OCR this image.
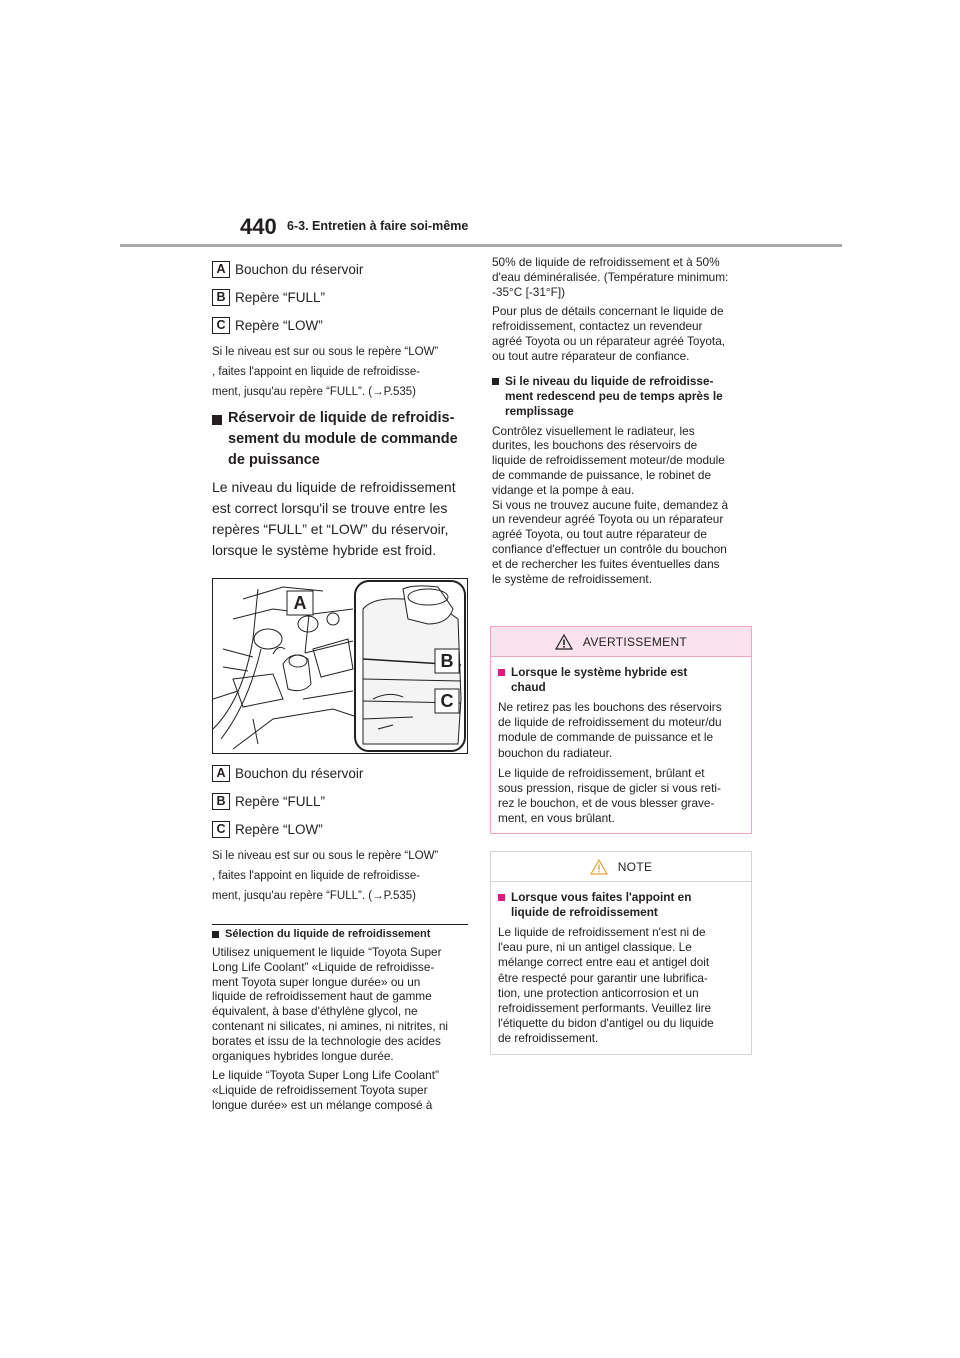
440 6-3. Entretien à faire soi-même
A Bouchon du réservoir
B Repère “FULL”
C Repère “LOW”
Si le niveau est sur ou sous le repère “LOW”
, faites l'appoint en liquide de refroidisse-
ment, jusqu'au repère “FULL”. (→P.535)
Réservoir de liquide de refroidis-
sement du module de commande
de puissance
Le niveau du liquide de refroidissement
est correct lorsqu'il se trouve entre les
repères “FULL” et “LOW” du réservoir,
lorsque le système hybride est froid.
A
B
C
A Bouchon du réservoir
B Repère “FULL”
C Repère “LOW”
Si le niveau est sur ou sous le repère “LOW”
, faites l'appoint en liquide de refroidisse-
ment, jusqu'au repère “FULL”. (→P.535)
Sélection du liquide de refroidissement
Utilisez uniquement le liquide “Toyota Super
Long Life Coolant” «Liquide de refroidisse-
ment Toyota super longue durée» ou un
liquide de refroidissement haut de gamme
équivalent, à base d'éthylène glycol, ne
contenant ni silicates, ni amines, ni nitrites, ni
borates et issu de la technologie des acides
organiques hybrides longue durée.
Le liquide “Toyota Super Long Life Coolant”
«Liquide de refroidissement Toyota super
longue durée» est un mélange composé à
50% de liquide de refroidissement et à 50%
d'eau déminéralisée. (Température minimum:
-35°C [-31°F])
Pour plus de détails concernant le liquide de
refroidissement, contactez un revendeur
agréé Toyota ou un réparateur agréé Toyota,
ou tout autre réparateur de confiance.
Si le niveau du liquide de refroidisse-
ment redescend peu de temps après le
remplissage
Contrôlez visuellement le radiateur, les
durites, les bouchons des réservoirs de
liquide de refroidissement moteur/de module
de commande de puissance, le robinet de
vidange et la pompe à eau.
Si vous ne trouvez aucune fuite, demandez à
un revendeur agréé Toyota ou un réparateur
agréé Toyota, ou tout autre réparateur de
confiance d'effectuer un contrôle du bouchon
et de rechercher les fuites éventuelles dans
le système de refroidissement.
AVERTISSEMENT
Lorsque le système hybride est
chaud
Ne retirez pas les bouchons des réservoirs
de liquide de refroidissement du moteur/du
module de commande de puissance et le
bouchon du radiateur.
Le liquide de refroidissement, brûlant et
sous pression, risque de gicler si vous reti-
rez le bouchon, et de vous blesser grave-
ment, en vous brûlant.
NOTE
Lorsque vous faites l'appoint en
liquide de refroidissement
Le liquide de refroidissement n'est ni de
l'eau pure, ni un antigel classique. Le
mélange correct entre eau et antigel doit
être respecté pour garantir une lubrifica-
tion, une protection anticorrosion et un
refroidissement performants. Veuillez lire
l'étiquette du bidon d'antigel ou du liquide
de refroidissement.
